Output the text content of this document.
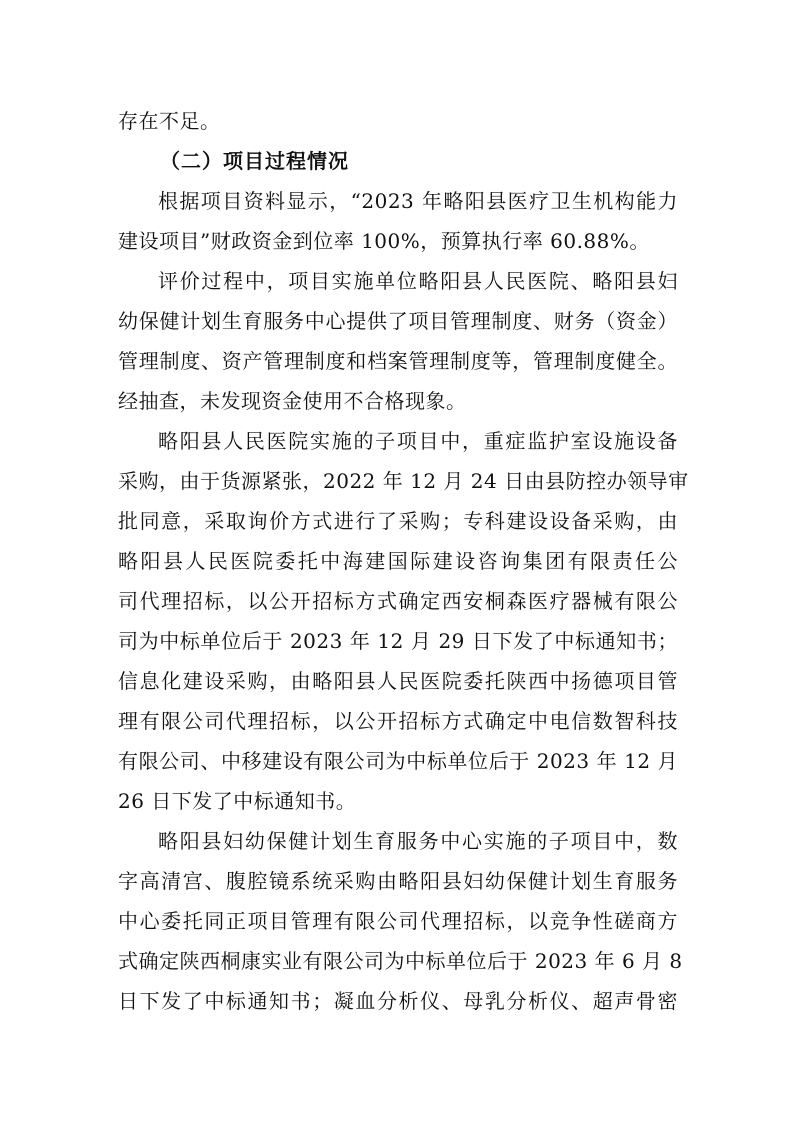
存在不足。
（二）项目过程情况
根据项目资料显示，“2023 年略阳县医疗卫生机构能力
建设项目”财政资金到位率 100%，预算执行率 60.88%。
评价过程中，项目实施单位略阳县人民医院、略阳县妇
幼保健计划生育服务中心提供了项目管理制度、财务（资金）
管理制度、资产管理制度和档案管理制度等，管理制度健全。
经抽查，未发现资金使用不合格现象。
略阳县人民医院实施的子项目中，重症监护室设施设备
采购，由于货源紧张，2022 年 12 月 24 日由县防控办领导审
批同意，采取询价方式进行了采购；专科建设设备采购，由
略阳县人民医院委托中海建国际建设咨询集团有限责任公
司代理招标，以公开招标方式确定西安桐森医疗器械有限公
司为中标单位后于 2023 年 12 月 29 日下发了中标通知书；
信息化建设采购，由略阳县人民医院委托陕西中扬德项目管
理有限公司代理招标，以公开招标方式确定中电信数智科技
有限公司、中移建设有限公司为中标单位后于 2023 年 12 月
26 日下发了中标通知书。
略阳县妇幼保健计划生育服务中心实施的子项目中，数
字高清宫、腹腔镜系统采购由略阳县妇幼保健计划生育服务
中心委托同正项目管理有限公司代理招标，以竞争性磋商方
式确定陕西桐康实业有限公司为中标单位后于 2023 年 6 月 8
日下发了中标通知书；凝血分析仪、母乳分析仪、超声骨密
